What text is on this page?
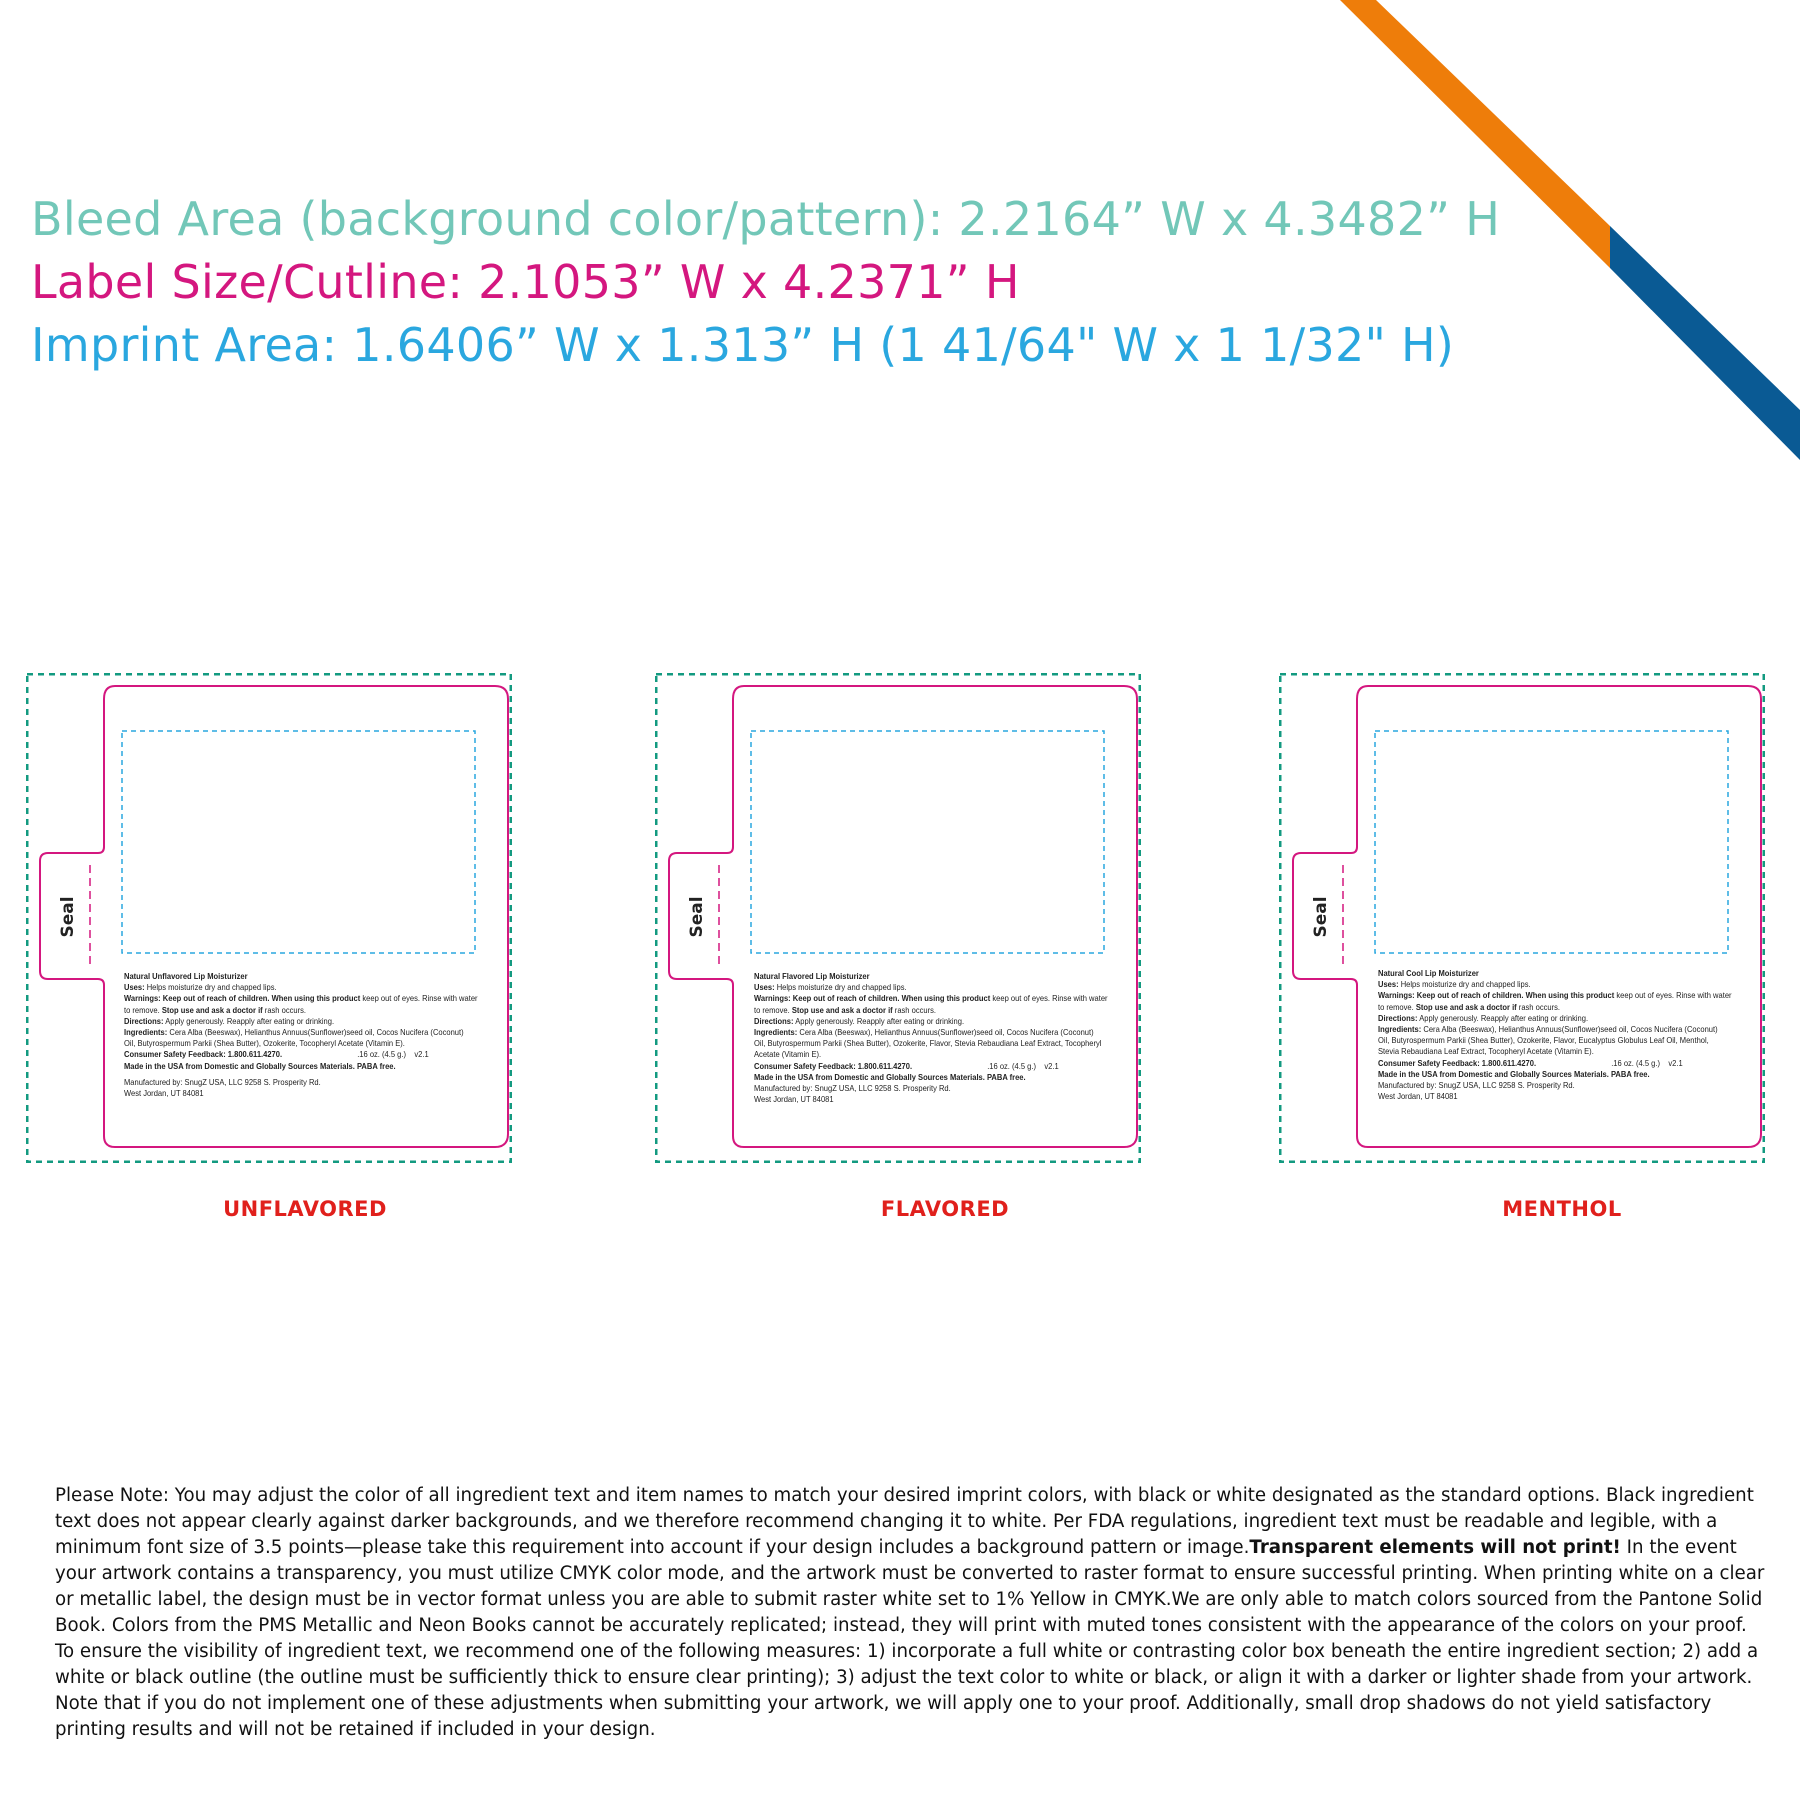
Bleed Area (background color/pattern): 2.2164” W x 4.3482” H
Label Size/Cutline: 2.1053” W x 4.2371” H
Imprint Area: 1.6406” W x 1.313” H (1 41/64" W x 1 1/32" H)
Seal	Seal	Seal
Natural Unflavored Lip Moisturizer
Uses: Helps moisturize dry and chapped lips.
Warnings: Keep out of reach of children. When using this product keep out of eyes. Rinse with water
to remove. Stop use and ask a doctor if rash occurs.
Directions: Apply generously. Reapply after eating or drinking.
Ingredients: Cera Alba (Beeswax), Helianthus Annuus(Sunflower)seed oil, Cocos Nucifera (Coconut)
Oil, Butyrospermum Parkii (Shea Butter), Ozokerite, Tocopheryl Acetate (Vitamin E).
Consumer Safety Feedback: 1.800.611.4270.	.16 oz. (4.5 g.) v2.1
Made in the USA from Domestic and Globally Sources Materials. PABA free.
Manufactured by: SnugZ USA, LLC 9258 S. Prosperity Rd.
West Jordan, UT 84081
Natural Flavored Lip Moisturizer
Uses: Helps moisturize dry and chapped lips.
Warnings: Keep out of reach of children. When using this product keep out of eyes. Rinse with water
to remove. Stop use and ask a doctor if rash occurs.
Directions: Apply generously. Reapply after eating or drinking.
Ingredients: Cera Alba (Beeswax), Helianthus Annuus(Sunflower)seed oil, Cocos Nucifera (Coconut)
Oil, Butyrospermum Parkii (Shea Butter), Ozokerite, Flavor, Stevia Rebaudiana Leaf Extract, Tocopheryl
Acetate (Vitamin E).
Consumer Safety Feedback: 1.800.611.4270.	.16 oz. (4.5 g.) v2.1
Made in the USA from Domestic and Globally Sources Materials. PABA free.
Manufactured by: SnugZ USA, LLC 9258 S. Prosperity Rd.
West Jordan, UT 84081
Natural Cool Lip Moisturizer
Uses: Helps moisturize dry and chapped lips.
Warnings: Keep out of reach of children. When using this product keep out of eyes. Rinse with water
to remove. Stop use and ask a doctor if rash occurs.
Directions: Apply generously. Reapply after eating or drinking.
Ingredients: Cera Alba (Beeswax), Helianthus Annuus(Sunflower)seed oil, Cocos Nucifera (Coconut)
Oil, Butyrospermum Parkii (Shea Butter), Ozokerite, Flavor, Eucalyptus Globulus Leaf Oil, Menthol,
Stevia Rebaudiana Leaf Extract, Tocopheryl Acetate (Vitamin E).
Consumer Safety Feedback: 1.800.611.4270.	.16 oz. (4.5 g.) v2.1
Made in the USA from Domestic and Globally Sources Materials. PABA free.
Manufactured by: SnugZ USA, LLC 9258 S. Prosperity Rd.
West Jordan, UT 84081
UNFLAVORED	FLAVORED	MENTHOL
Please Note: You may adjust the color of all ingredient text and item names to match your desired imprint colors, with black or white designated as the standard options. Black ingredient text does not appear clearly against darker backgrounds, and we therefore recommend changing it to white. Per FDA regulations, ingredient text must be readable and legible, with a minimum font size of 3.5 points—please take this requirement into account if your design includes a background pattern or image.Transparent elements will not print! In the event your artwork contains a transparency, you must utilize CMYK color mode, and the artwork must be converted to raster format to ensure successful printing. When printing white on a clear or metallic label, the design must be in vector format unless you are able to submit raster white set to 1% Yellow in CMYK.We are only able to match colors sourced from the Pantone Solid Book. Colors from the PMS Metallic and Neon Books cannot be accurately replicated; instead, they will print with muted tones consistent with the appearance of the colors on your proof. To ensure the visibility of ingredient text, we recommend one of the following measures: 1) incorporate a full white or contrasting color box beneath the entire ingredient section; 2) add a white or black outline (the outline must be sufficiently thick to ensure clear printing); 3) adjust the text color to white or black, or align it with a darker or lighter shade from your artwork. Note that if you do not implement one of these adjustments when submitting your artwork, we will apply one to your proof. Additionally, small drop shadows do not yield satisfactory printing results and will not be retained if included in your design.
